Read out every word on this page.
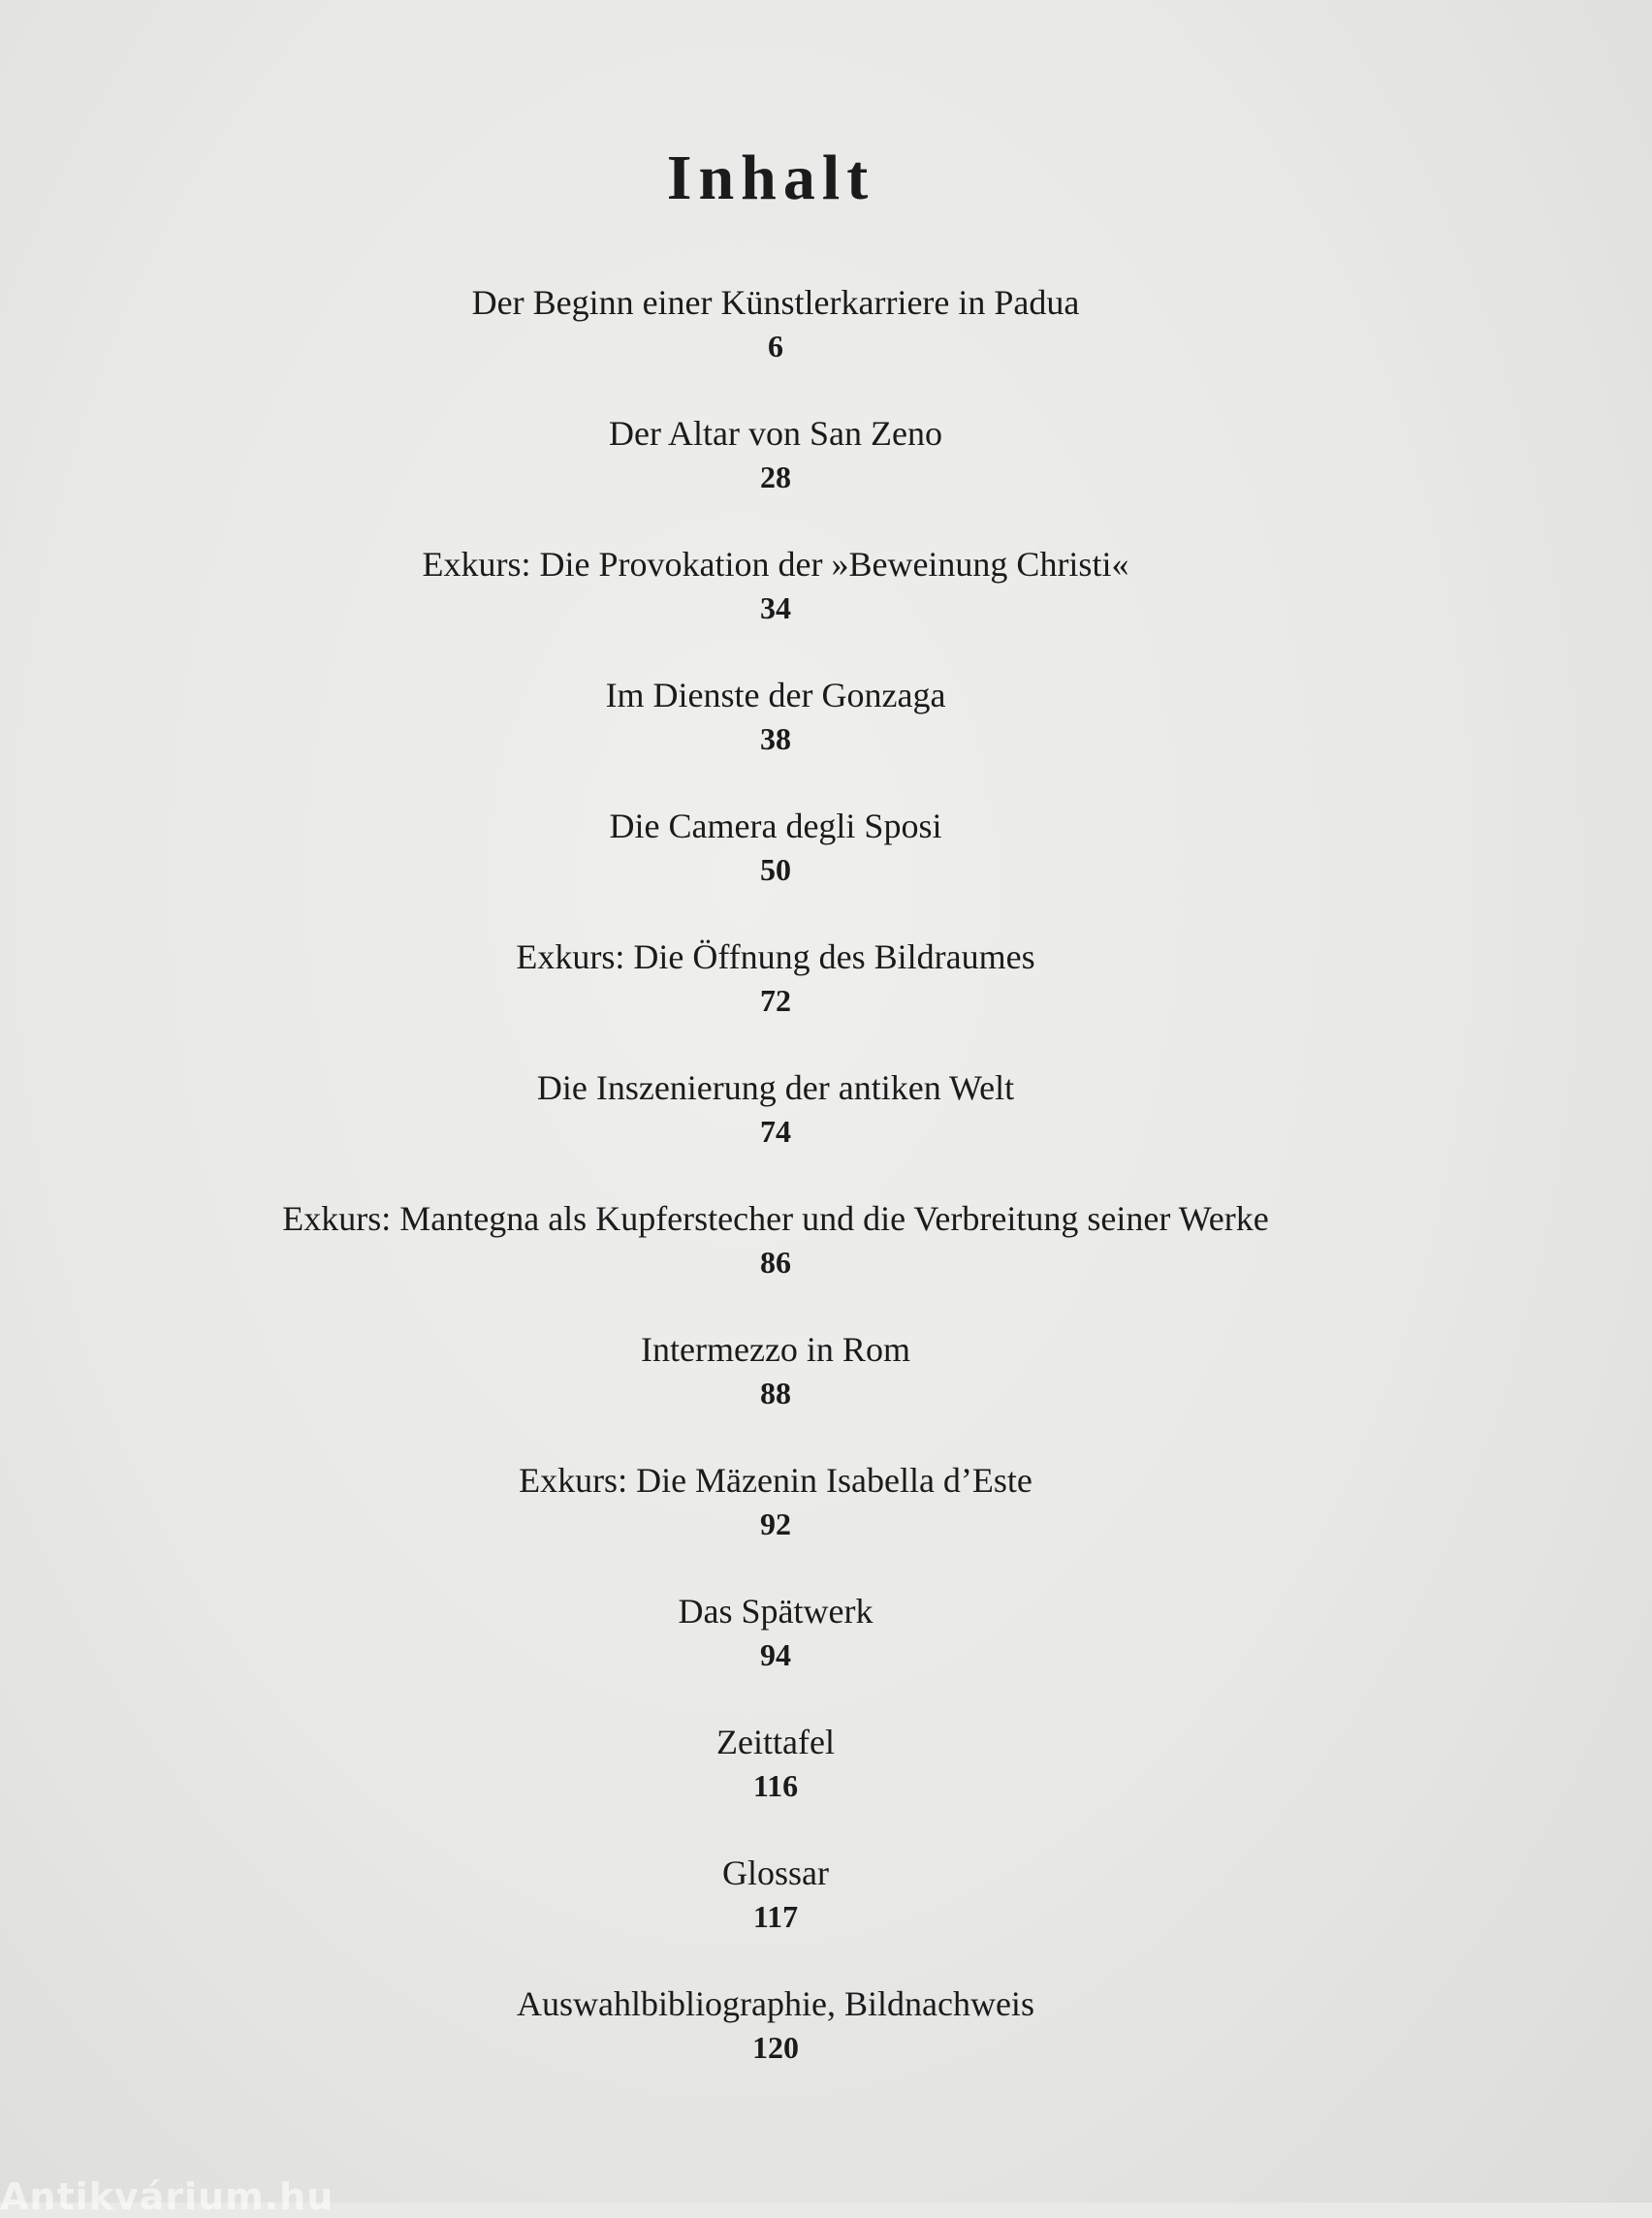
Inhalt
Der Beginn einer Künstlerkarriere in Padua
6
Der Altar von San Zeno
28
Exkurs: Die Provokation der »Beweinung Christi«
34
Im Dienste der Gonzaga
38
Die Camera degli Sposi
50
Exkurs: Die Öffnung des Bildraumes
72
Die Inszenierung der antiken Welt
74
Exkurs: Mantegna als Kupferstecher und die Verbreitung seiner Werke
86
Intermezzo in Rom
88
Exkurs: Die Mäzenin Isabella d’Este
92
Das Spätwerk
94
Zeittafel
116
Glossar
117
Auswahlbibliographie, Bildnachweis
120
Antikvárium.hu
